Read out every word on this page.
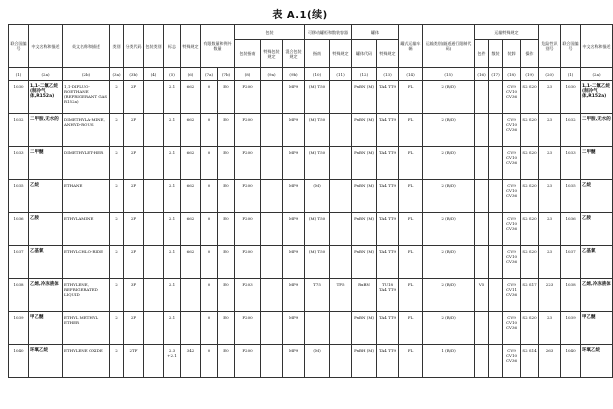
表 A.1(续)
联合国编号	中文名称和描述	英文名称和描述	类别	分类代码	包装类别	标志	特殊规定	有限数量和例外数量		包装			可移动罐柜和散装容器		罐体		罐式运输车辆	运输类别(隧道通行限制代码)	运输特殊规定				危险性识别号	联合国编号	中文名称和描述
										包装指南	特殊包装规定	混合包装规定	指南	特殊规定	罐体代码	特殊规定			包件	散装	装卸	操作			
(1)	(2a)	(2b)	(3a)	(3b)	(4)	(5)	(6)	(7a)	(7b)	(8)	(9a)	(9b)	(10)	(11)	(12)	(13)	(14)	(15)	(16)	(17)	(18)	(19)	(20)	(1)	(2a)
1030	1,1-二氟乙烷(制冷气体,R152a)	1,1-DIFLUO-ROETHANE (REFRIGERANT GAS R152a)	2	2F		2.1	662	0	E0	P200		MP9	(M) T50		PxBN (M)	TA4 TT9	FL	2 (B/D)			CV9 CV10 CV36	S2 S20	23	1030	1,1-二氟乙烷(制冷气体,R152a)
1032	二甲胺,无水的	DIMETHYLA-MINE, ANHYD-ROUS	2	2F		2.1	662	0	E0	P200		MP9	(M) T50		PxBN (M)	TA4 TT9	FL	2 (B/D)			CV9 CV10 CV36	S2 S20	23	1032	二甲胺,无水的
1033	二甲醚	DIMETHYLET-HER	2	2F		2.1	662	0	E0	P200		MP9	(M) T50		PxBN (M)	TA4 TT9	FL	2 (B/D)			CV9 CV10 CV36	S2 S20	23	1033	二甲醚
1035	乙烷	ETHANE	2	2F		2.1	662	0	E0	P200		MP9	(M)		PxBN (M)	TA4 TT9	FL	2 (B/D)			CV9 CV10 CV36	S2 S20	23	1035	乙烷
1036	乙胺	ETHYLAMINE	2	2F		2.1	662	0	E0	P200		MP9	(M) T50		PxBN (M)	TA4 TT9	FL	2 (B/D)			CV9 CV10 CV36	S2 S20	23	1036	乙胺
1037	乙基氯	ETHYLCHLO-RIDE	2	2F		2.1	662	0	E0	P200		MP9	(M) T50		PxBN (M)	TA4 TT9	FL	2 (B/D)			CV9 CV10 CV36	S2 S20	23	1037	乙基氯
1038	乙烯,冷冻液体	ETHYLENE, REFRIGERATED LIQUID	2	3F		2.1		0	E0	P203		MP9	T75	TP5	RxBN	TU18 TA4 TT9	FL	2 (B/D)	V5		CV9 CV11 CV36	S2 S17	223	1038	乙烯,冷冻液体
1039	甲乙醚	ETHYL METHYL ETHER	2	2F		2.1		0	E0	P200		MP9			PxBN (M)	TA4 TT9	FL	2 (B/D)			CV9 CV10 CV36	S2 S20	23	1039	甲乙醚
1040	环氧乙烷	ETHYLENE OXIDE	2	2TF		2.3 +2.1	342	0	E0	P200		MP9	(M)		PxBH (M)	TA4 TT9	FL	1 (B/D)			CV9 CV10 CV36	S2 S14	263	1040	环氧乙烷
